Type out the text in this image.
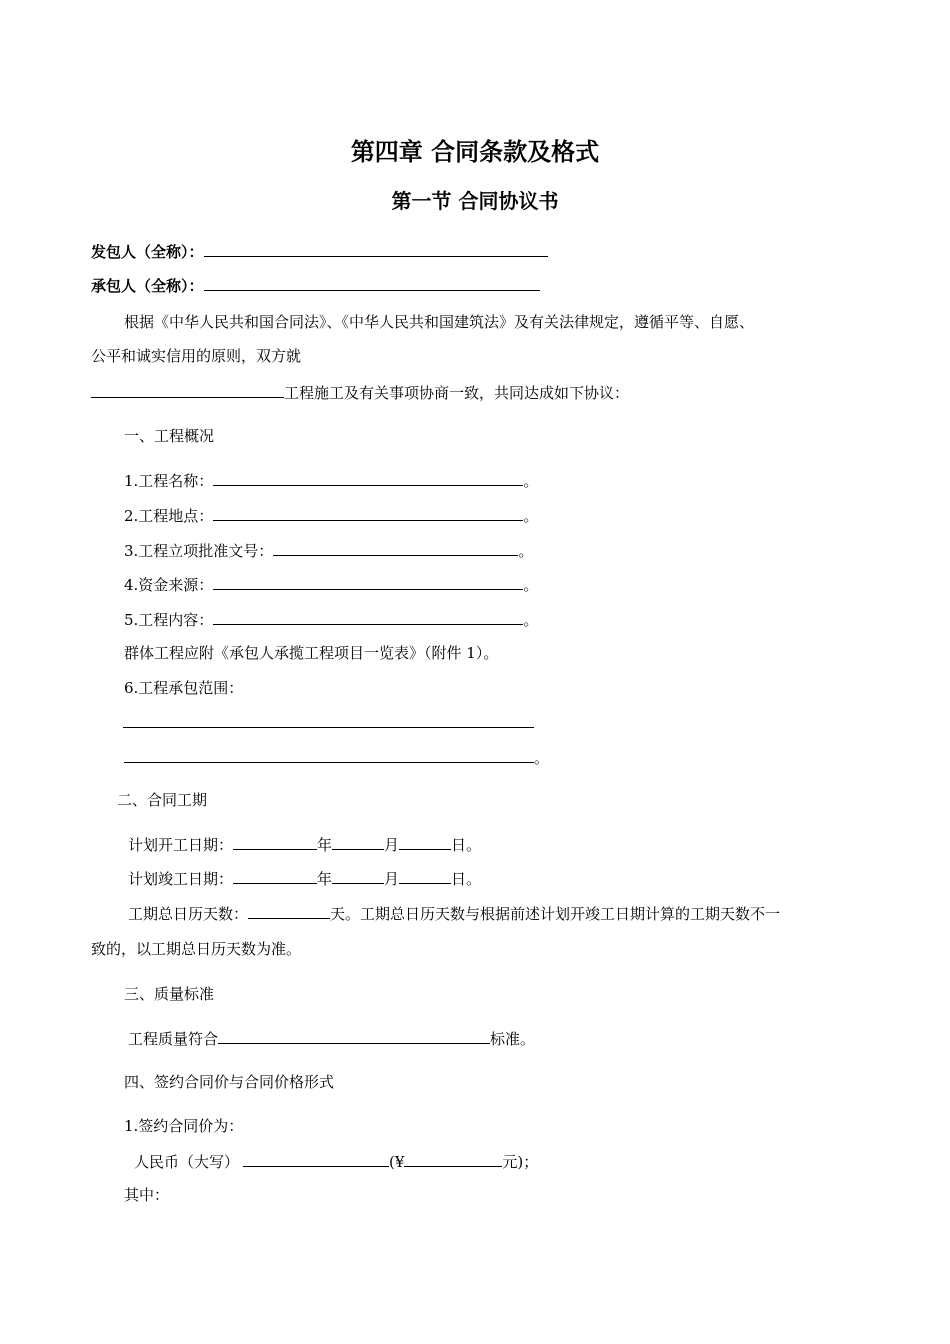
第四章 合同条款及格式
第一节 合同协议书
发包人（全称）：
承包人（全称）：
根据《中华人民共和国合同法》、《中华人民共和国建筑法》及有关法律规定，遵循平等、自愿、
公平和诚实信用的原则，双方就
工程施工及有关事项协商一致，共同达成如下协议：
一、工程概况
1.工程名称：	。
2.工程地点：	。
3.工程立项批准文号：	。
4.资金来源：	。
5.工程内容：	。
群体工程应附《承包人承揽工程项目一览表》（附件 1）。
6.工程承包范围：
。
二、合同工期
计划开工日期：	年	月	日。
计划竣工日期：	年	月	日。
工期总日历天数：	天。工期总日历天数与根据前述计划开竣工日期计算的工期天数不一
致的，以工期总日历天数为准。
三、质量标准
工程质量符合	标准。
四、签约合同价与合同价格形式
1.签约合同价为：
人民币（大写）	(¥	元)；
其中：
